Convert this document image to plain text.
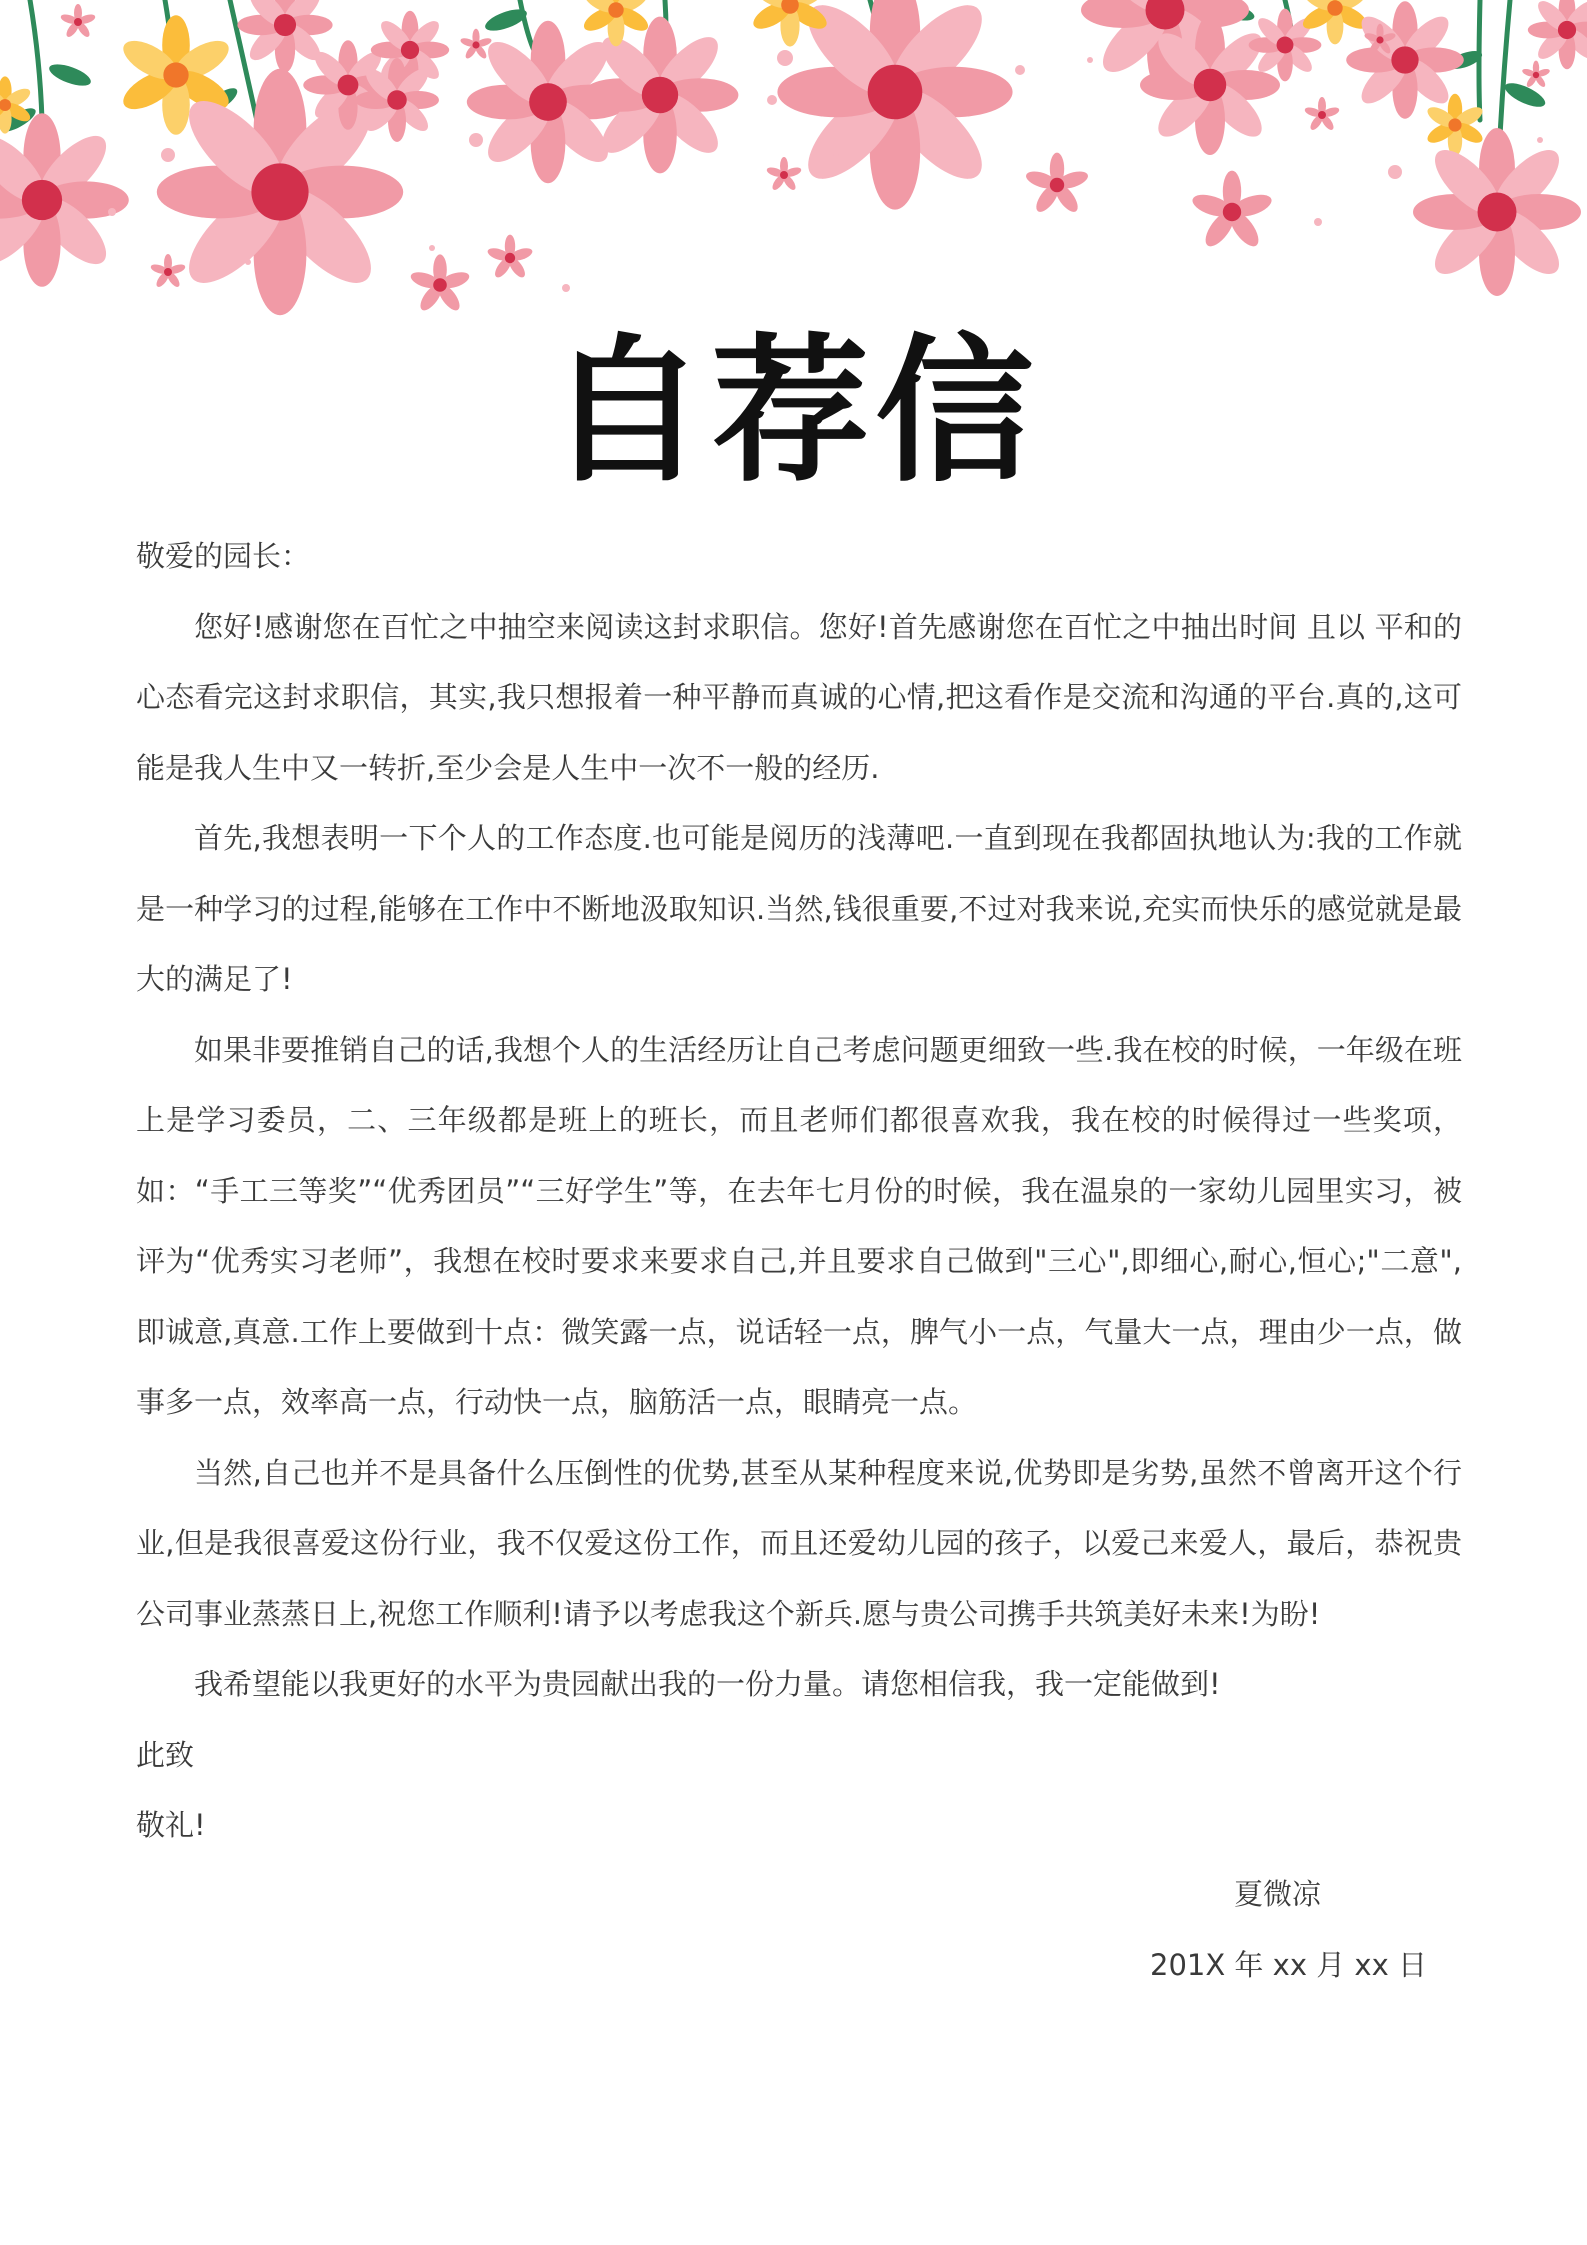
自荐信

敬爱的园长：

您好!感谢您在百忙之中抽空来阅读这封求职信。您好!首先感谢您在百忙之中抽出时间 且以 平和的心态看完这封求职信，其实,我只想报着一种平静而真诚的心情,把这看作是交流和沟通的平台.真的,这可能是我人生中又一转折,至少会是人生中一次不一般的经历.

首先,我想表明一下个人的工作态度.也可能是阅历的浅薄吧.一直到现在我都固执地认为:我的工作就是一种学习的过程,能够在工作中不断地汲取知识.当然,钱很重要,不过对我来说,充实而快乐的感觉就是最大的满足了!

如果非要推销自己的话,我想个人的生活经历让自己考虑问题更细致一些.我在校的时候，一年级在班上是学习委员，二、三年级都是班上的班长，而且老师们都很喜欢我，我在校的时候得过一些奖项，如：“手工三等奖”“优秀团员”“三好学生”等，在去年七月份的时候，我在温泉的一家幼儿园里实习，被评为“优秀实习老师”，我想在校时要求来要求自己,并且要求自己做到"三心",即细心,耐心,恒心;"二意",即诚意,真意.工作上要做到十点：微笑露一点，说话轻一点，脾气小一点，气量大一点，理由少一点，做事多一点，效率高一点，行动快一点，脑筋活一点，眼睛亮一点。

当然,自己也并不是具备什么压倒性的优势,甚至从某种程度来说,优势即是劣势,虽然不曾离开这个行业,但是我很喜爱这份行业，我不仅爱这份工作，而且还爱幼儿园的孩子，以爱己来爱人，最后，恭祝贵公司事业蒸蒸日上,祝您工作顺利!请予以考虑我这个新兵.愿与贵公司携手共筑美好未来!为盼!

我希望能以我更好的水平为贵园献出我的一份力量。请您相信我，我一定能做到!

此致

敬礼!

夏微凉
201X 年 xx 月 xx 日
